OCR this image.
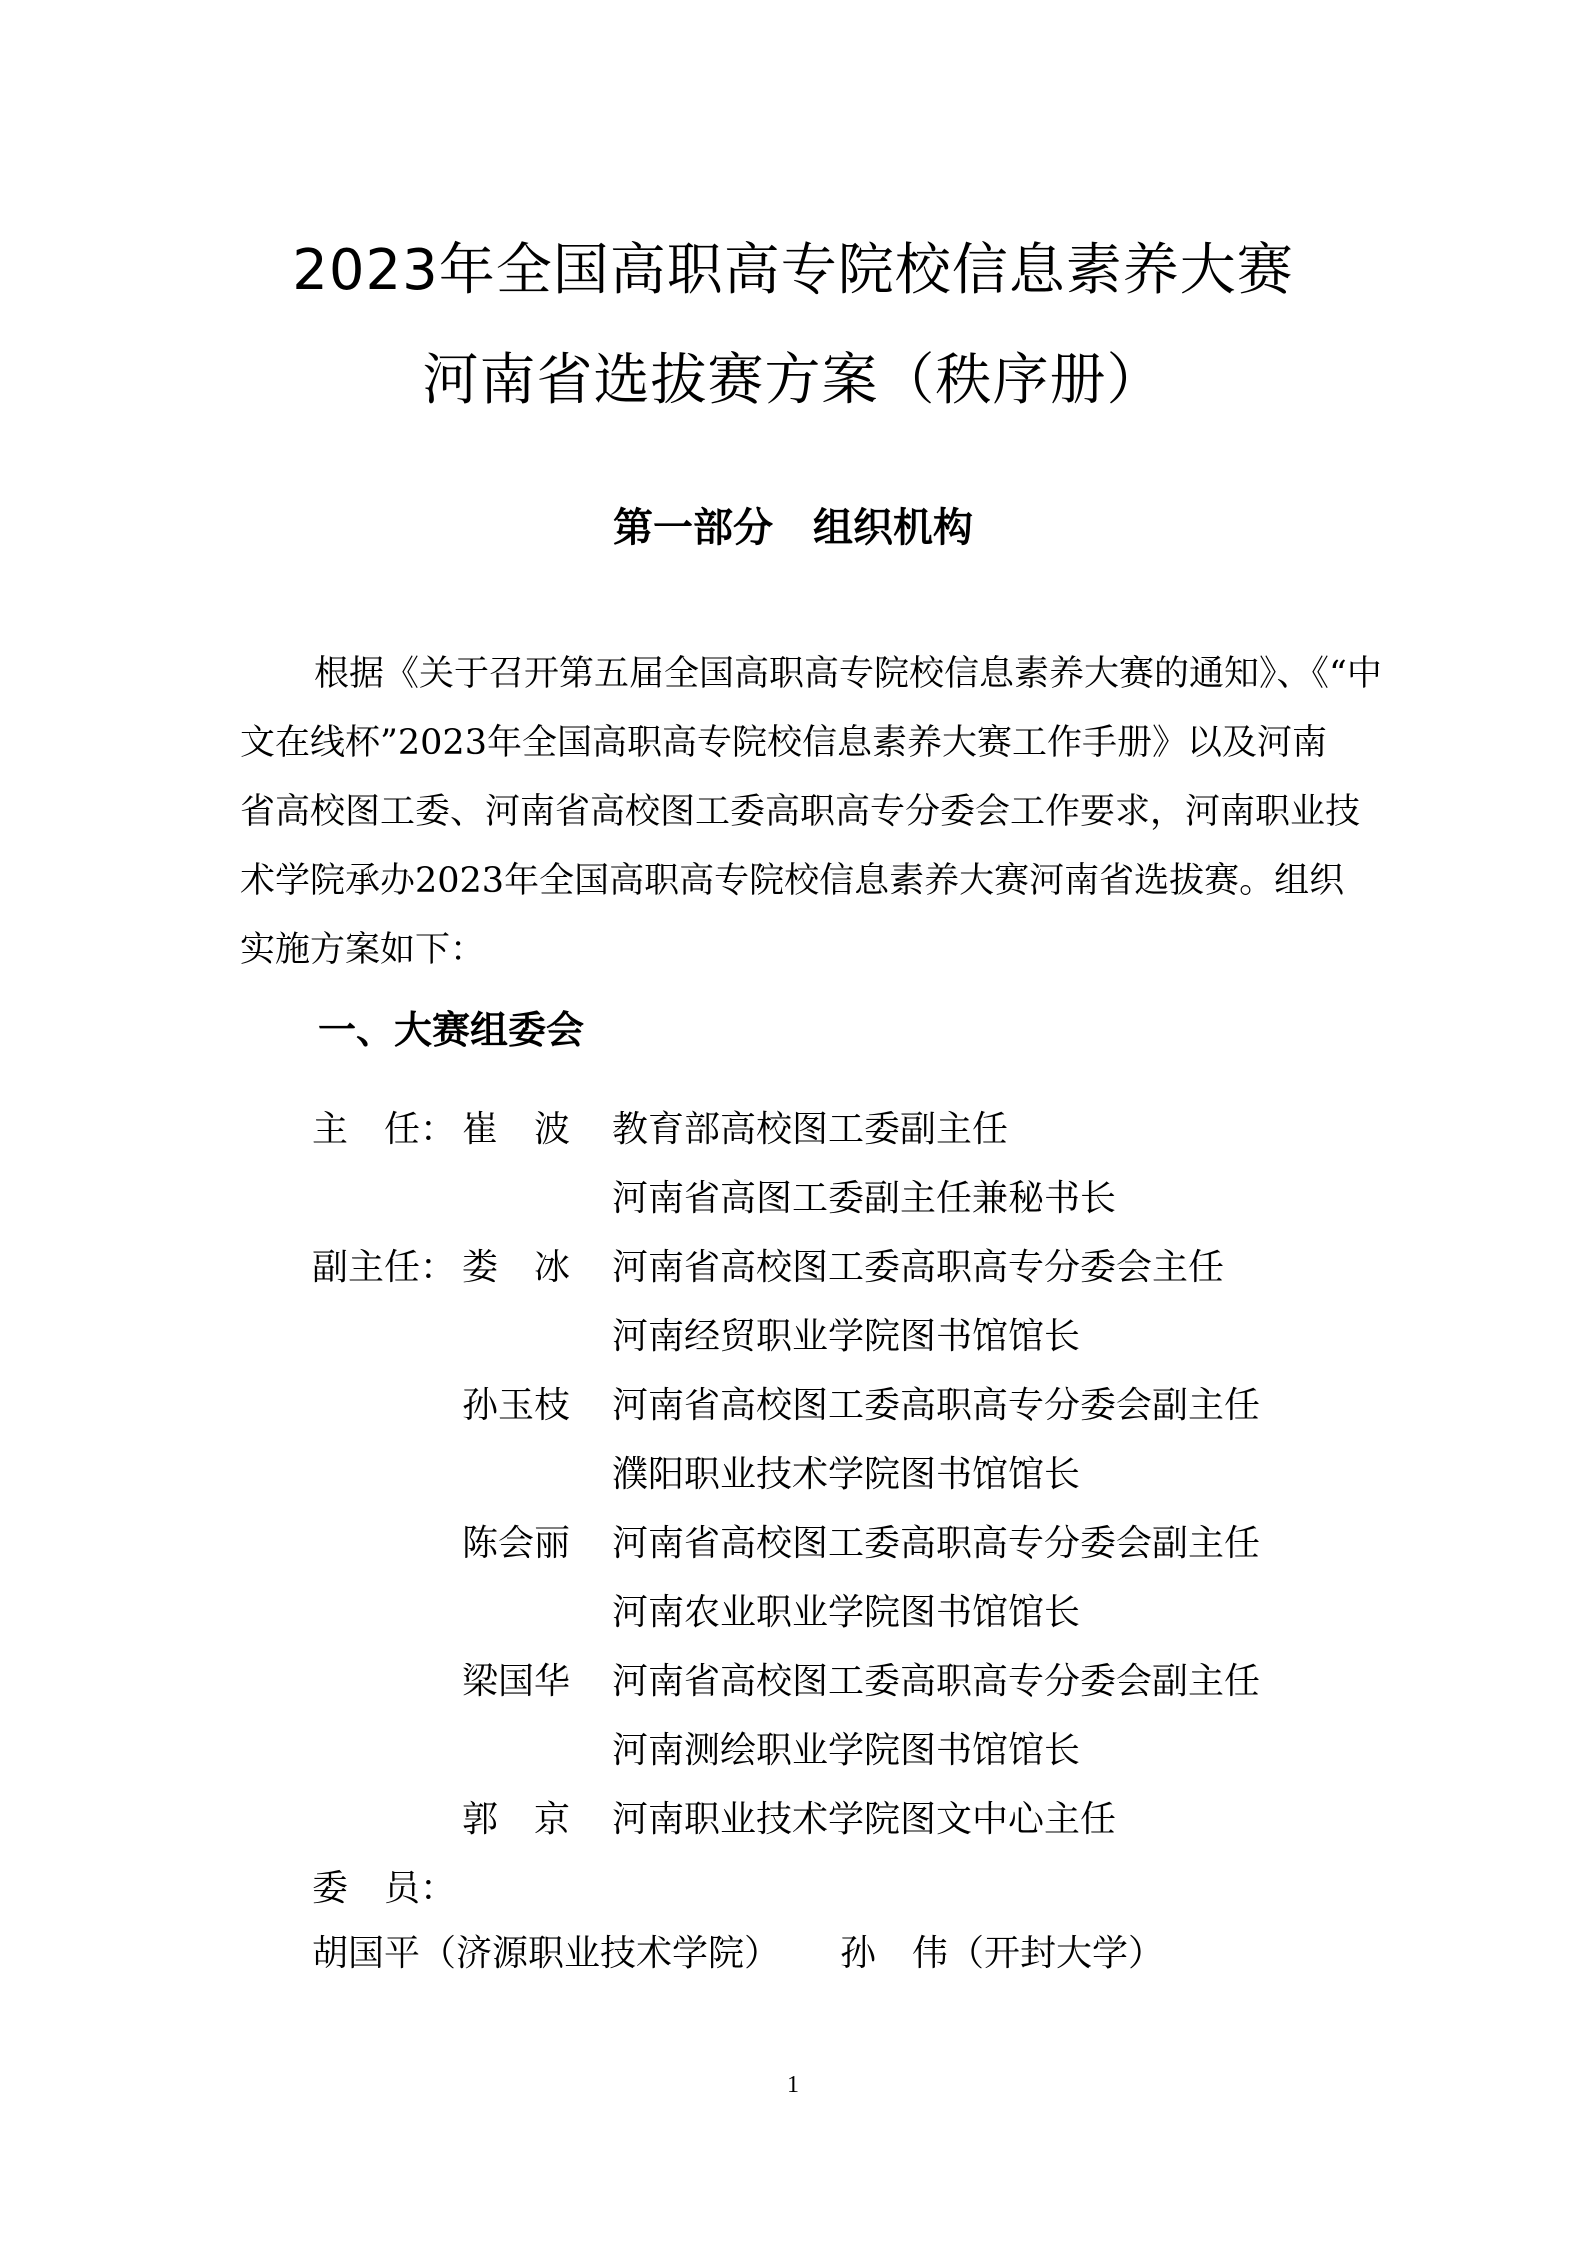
2023年全国高职高专院校信息素养大赛
河南省选拔赛方案（秩序册）
第一部分　组织机构
根据《关于召开第五届全国高职高专院校信息素养大赛的通知》、《“中
文在线杯”2023年全国高职高专院校信息素养大赛工作手册》以及河南
省高校图工委、河南省高校图工委高职高专分委会工作要求，河南职业技
术学院承办2023年全国高职高专院校信息素养大赛河南省选拔赛。组织
实施方案如下：
一、大赛组委会
主　任： 崔　波 教育部高校图工委副主任
河南省高图工委副主任兼秘书长
副主任： 娄　冰 河南省高校图工委高职高专分委会主任
河南经贸职业学院图书馆馆长
孙玉枝 河南省高校图工委高职高专分委会副主任
濮阳职业技术学院图书馆馆长
陈会丽 河南省高校图工委高职高专分委会副主任
河南农业职业学院图书馆馆长
梁国华 河南省高校图工委高职高专分委会副主任
河南测绘职业学院图书馆馆长
郭　京 河南职业技术学院图文中心主任
委　员：
胡国平（济源职业技术学院） 孙　伟（开封大学）
1
